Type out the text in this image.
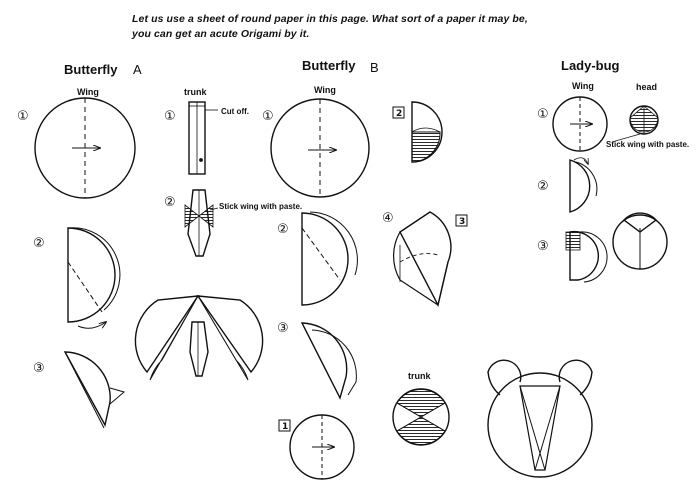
Let us use a sheet of round paper in this page. What sort of a paper it may be,
you can get an acute Origami by it.
Butterfly A	Butterfly B	Lady-bug
Wing	trunk	Wing	Wing	head
trunk
Cut off.
Stick wing with paste.
Stick wing with paste.
①	①	①	①
②
②
②
②
③
③
③
④
1
2
3
